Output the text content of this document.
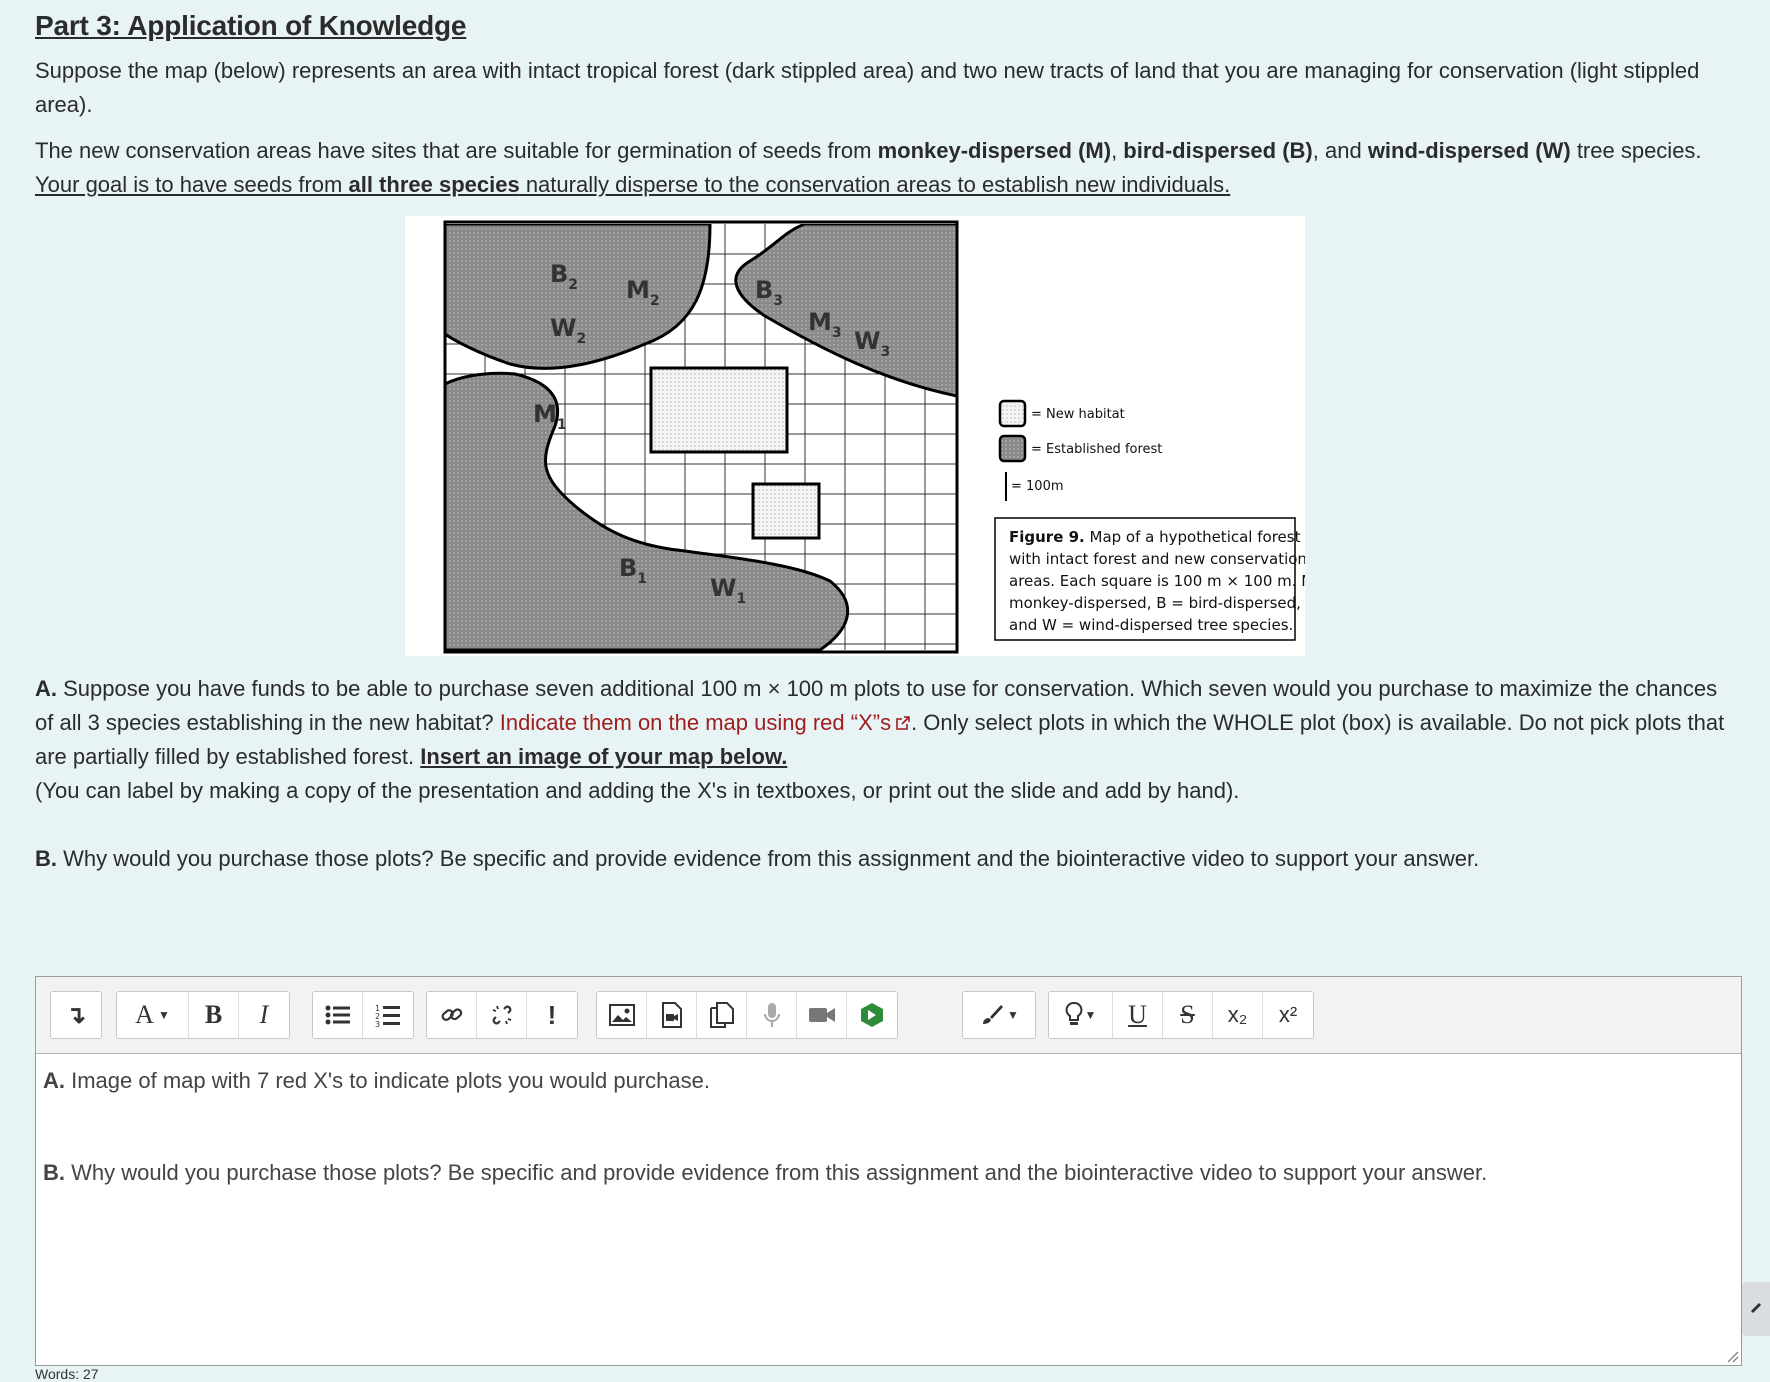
Part 3: Application of Knowledge

Suppose the map (below) represents an area with intact tropical forest (dark stippled area) and two new tracts of land that you are managing for conservation (light stippled area).

The new conservation areas have sites that are suitable for germination of seeds from monkey-dispersed (M), bird-dispersed (B), and wind-dispersed (W) tree species. Your goal is to have seeds from all three species naturally disperse to the conservation areas to establish new individuals.

$B_2$ $M_2$
$W_2$
$B_3$
$M_3$ $W_3$
$M_1$
$B_1$	$W_1$
= New habitat
= Established forest
= 100m
Figure 9. Map of a hypothetical forest
with intact forest and new conservation
areas. Each square is 100 m × 100 m. M =
monkey-dispersed, B = bird-dispersed,
and W = wind-dispersed tree species.

A. Suppose you have funds to be able to purchase seven additional 100 m × 100 m plots to use for conservation. Which seven would you purchase to maximize the chances of all 3 species establishing in the new habitat? Indicate them on the map using red “X”s . Only select plots in which the WHOLE plot (box) is available. Do not pick plots that are partially filled by established forest. Insert an image of your map below.
(You can label by making a copy of the presentation and adding the X's in textboxes, or print out the slide and add by hand).

B. Why would you purchase those plots? Be specific and provide evidence from this assignment and the biointeractive video to support your answer.

↴	A ▼	B	I	1
2
3	!	▼	▼	U	S	x₂	x²

A. Image of map with 7 red X's to indicate plots you would purchase.

B. Why would you purchase those plots? Be specific and provide evidence from this assignment and the biointeractive video to support your answer.

Words: 27
